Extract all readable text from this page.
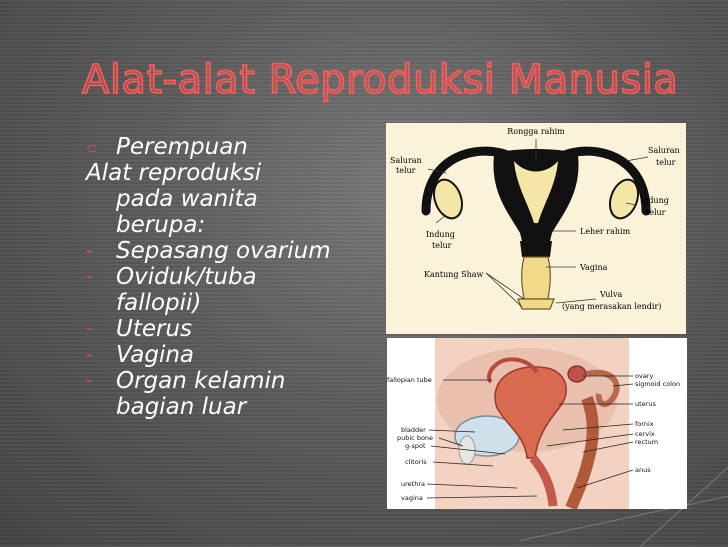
Alat-alat Reproduksi Manusia

⊂ Perempuan

Alat reproduksi

pada wanita

berupa:

- Sepasang ovarium

- Oviduk/tuba
fallopii)

- Uterus

- Vagina

- Organ kelamin
bagian luar

Rongga rahim
Saluran
telur
Saluran
telur
Indung
telur
Indung
telur
Leher rahim
Vagina
Kantung Shaw
Vulva
(yang merasakan lendir)
fallopian tube	ovary
sigmoid colon
uterus
fornix
cervix
rectum
bladder
pubic bone
g-spot
clitoris
anus
urethra
vagina
